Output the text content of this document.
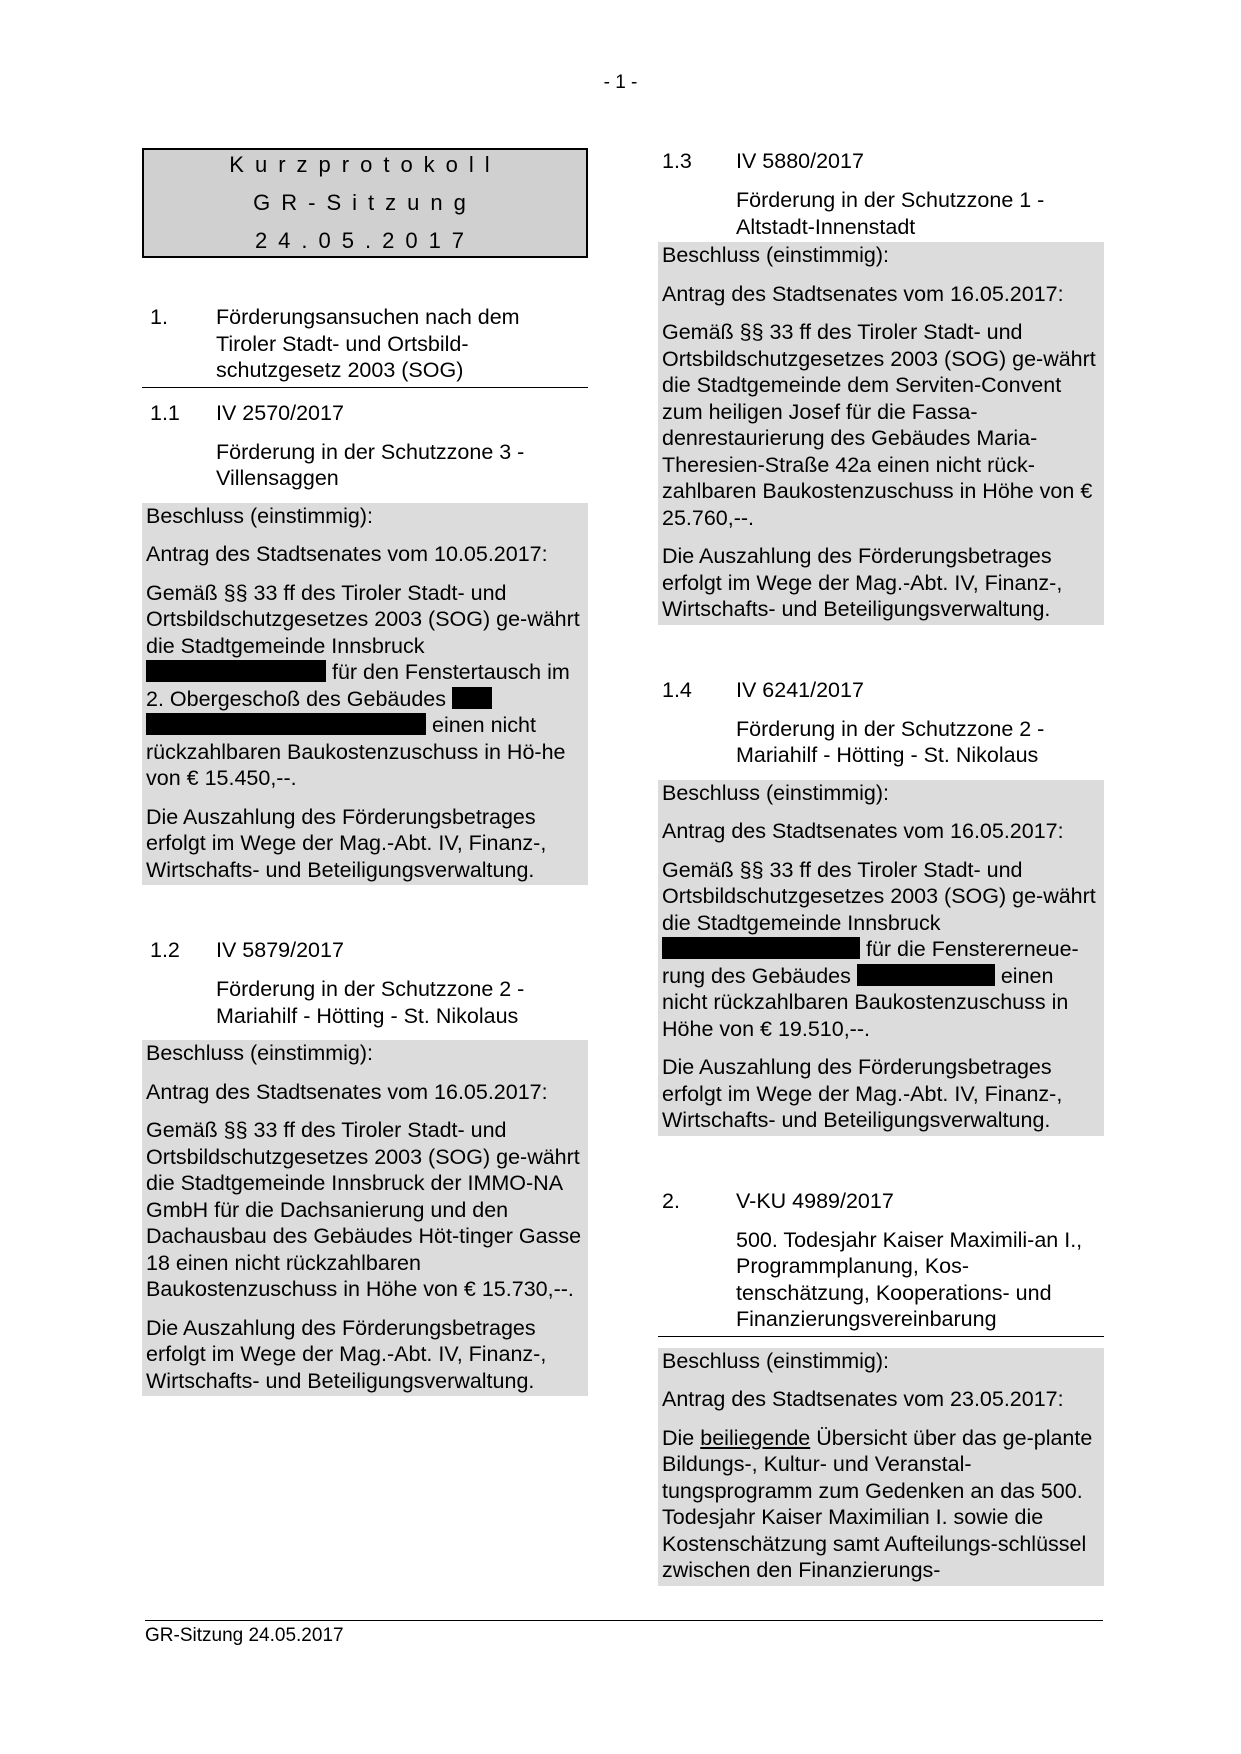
- 1 -
Kurzprotokoll
GR-Sitzung
24.05.2017
1.	Förderungsansuchen nach dem Tiroler Stadt- und Ortsbild-schutzgesetz 2003 (SOG)
1.1	IV 2570/2017
Förderung in der Schutzzone 3 - Villensaggen

Beschluss (einstimmig):

Antrag des Stadtsenates vom 10.05.2017:

Gemäß §§ 33 ff des Tiroler Stadt- und Ortsbildschutzgesetzes 2003 (SOG) ge-währt die Stadtgemeinde Innsbruck
für den Fenstertausch im 2. Obergeschoß des Gebäudes   einen nicht rückzahlbaren Baukostenzuschuss in Hö-he von € 15.450,--.

Die Auszahlung des Förderungsbetrages erfolgt im Wege der Mag.-Abt. IV, Finanz-, Wirtschafts- und Beteiligungsverwaltung.

1.2	IV 5879/2017
Förderung in der Schutzzone 2 - Mariahilf - Hötting - St. Nikolaus

Beschluss (einstimmig):

Antrag des Stadtsenates vom 16.05.2017:

Gemäß §§ 33 ff des Tiroler Stadt- und Ortsbildschutzgesetzes 2003 (SOG) ge-währt die Stadtgemeinde Innsbruck der IMMO-NA GmbH für die Dachsanierung und den Dachausbau des Gebäudes Höt-tinger Gasse 18 einen nicht rückzahlbaren Baukostenzuschuss in Höhe von € 15.730,--.

Die Auszahlung des Förderungsbetrages erfolgt im Wege der Mag.-Abt. IV, Finanz-, Wirtschafts- und Beteiligungsverwaltung.

1.3	IV 5880/2017
Förderung in der Schutzzone 1 - Altstadt-Innenstadt

Beschluss (einstimmig):

Antrag des Stadtsenates vom 16.05.2017:

Gemäß §§ 33 ff des Tiroler Stadt- und Ortsbildschutzgesetzes 2003 (SOG) ge-währt die Stadtgemeinde dem Serviten-Convent zum heiligen Josef für die Fassa-denrestaurierung des Gebäudes Maria-Theresien-Straße 42a einen nicht rück-zahlbaren Baukostenzuschuss in Höhe von € 25.760,--.

Die Auszahlung des Förderungsbetrages erfolgt im Wege der Mag.-Abt. IV, Finanz-, Wirtschafts- und Beteiligungsverwaltung.

1.4	IV 6241/2017
Förderung in der Schutzzone 2 - Mariahilf - Hötting - St. Nikolaus

Beschluss (einstimmig):

Antrag des Stadtsenates vom 16.05.2017:

Gemäß §§ 33 ff des Tiroler Stadt- und Ortsbildschutzgesetzes 2003 (SOG) ge-währt die Stadtgemeinde Innsbruck
für die Fenstererneue-rung des Gebäudes	einen nicht rückzahlbaren Baukostenzuschuss in Höhe von € 19.510,--.

Die Auszahlung des Förderungsbetrages erfolgt im Wege der Mag.-Abt. IV, Finanz-, Wirtschafts- und Beteiligungsverwaltung.

2.	V-KU 4989/2017
500. Todesjahr Kaiser Maximili-an I., Programmplanung, Kos-tenschätzung, Kooperations- und Finanzierungsvereinbarung

Beschluss (einstimmig):

Antrag des Stadtsenates vom 23.05.2017:

Die beiliegende Übersicht über das ge-plante Bildungs-, Kultur- und Veranstal-tungsprogramm zum Gedenken an das 500. Todesjahr Kaiser Maximilian I. sowie die Kostenschätzung samt Aufteilungs-schlüssel zwischen den Finanzierungs-

GR-Sitzung 24.05.2017
